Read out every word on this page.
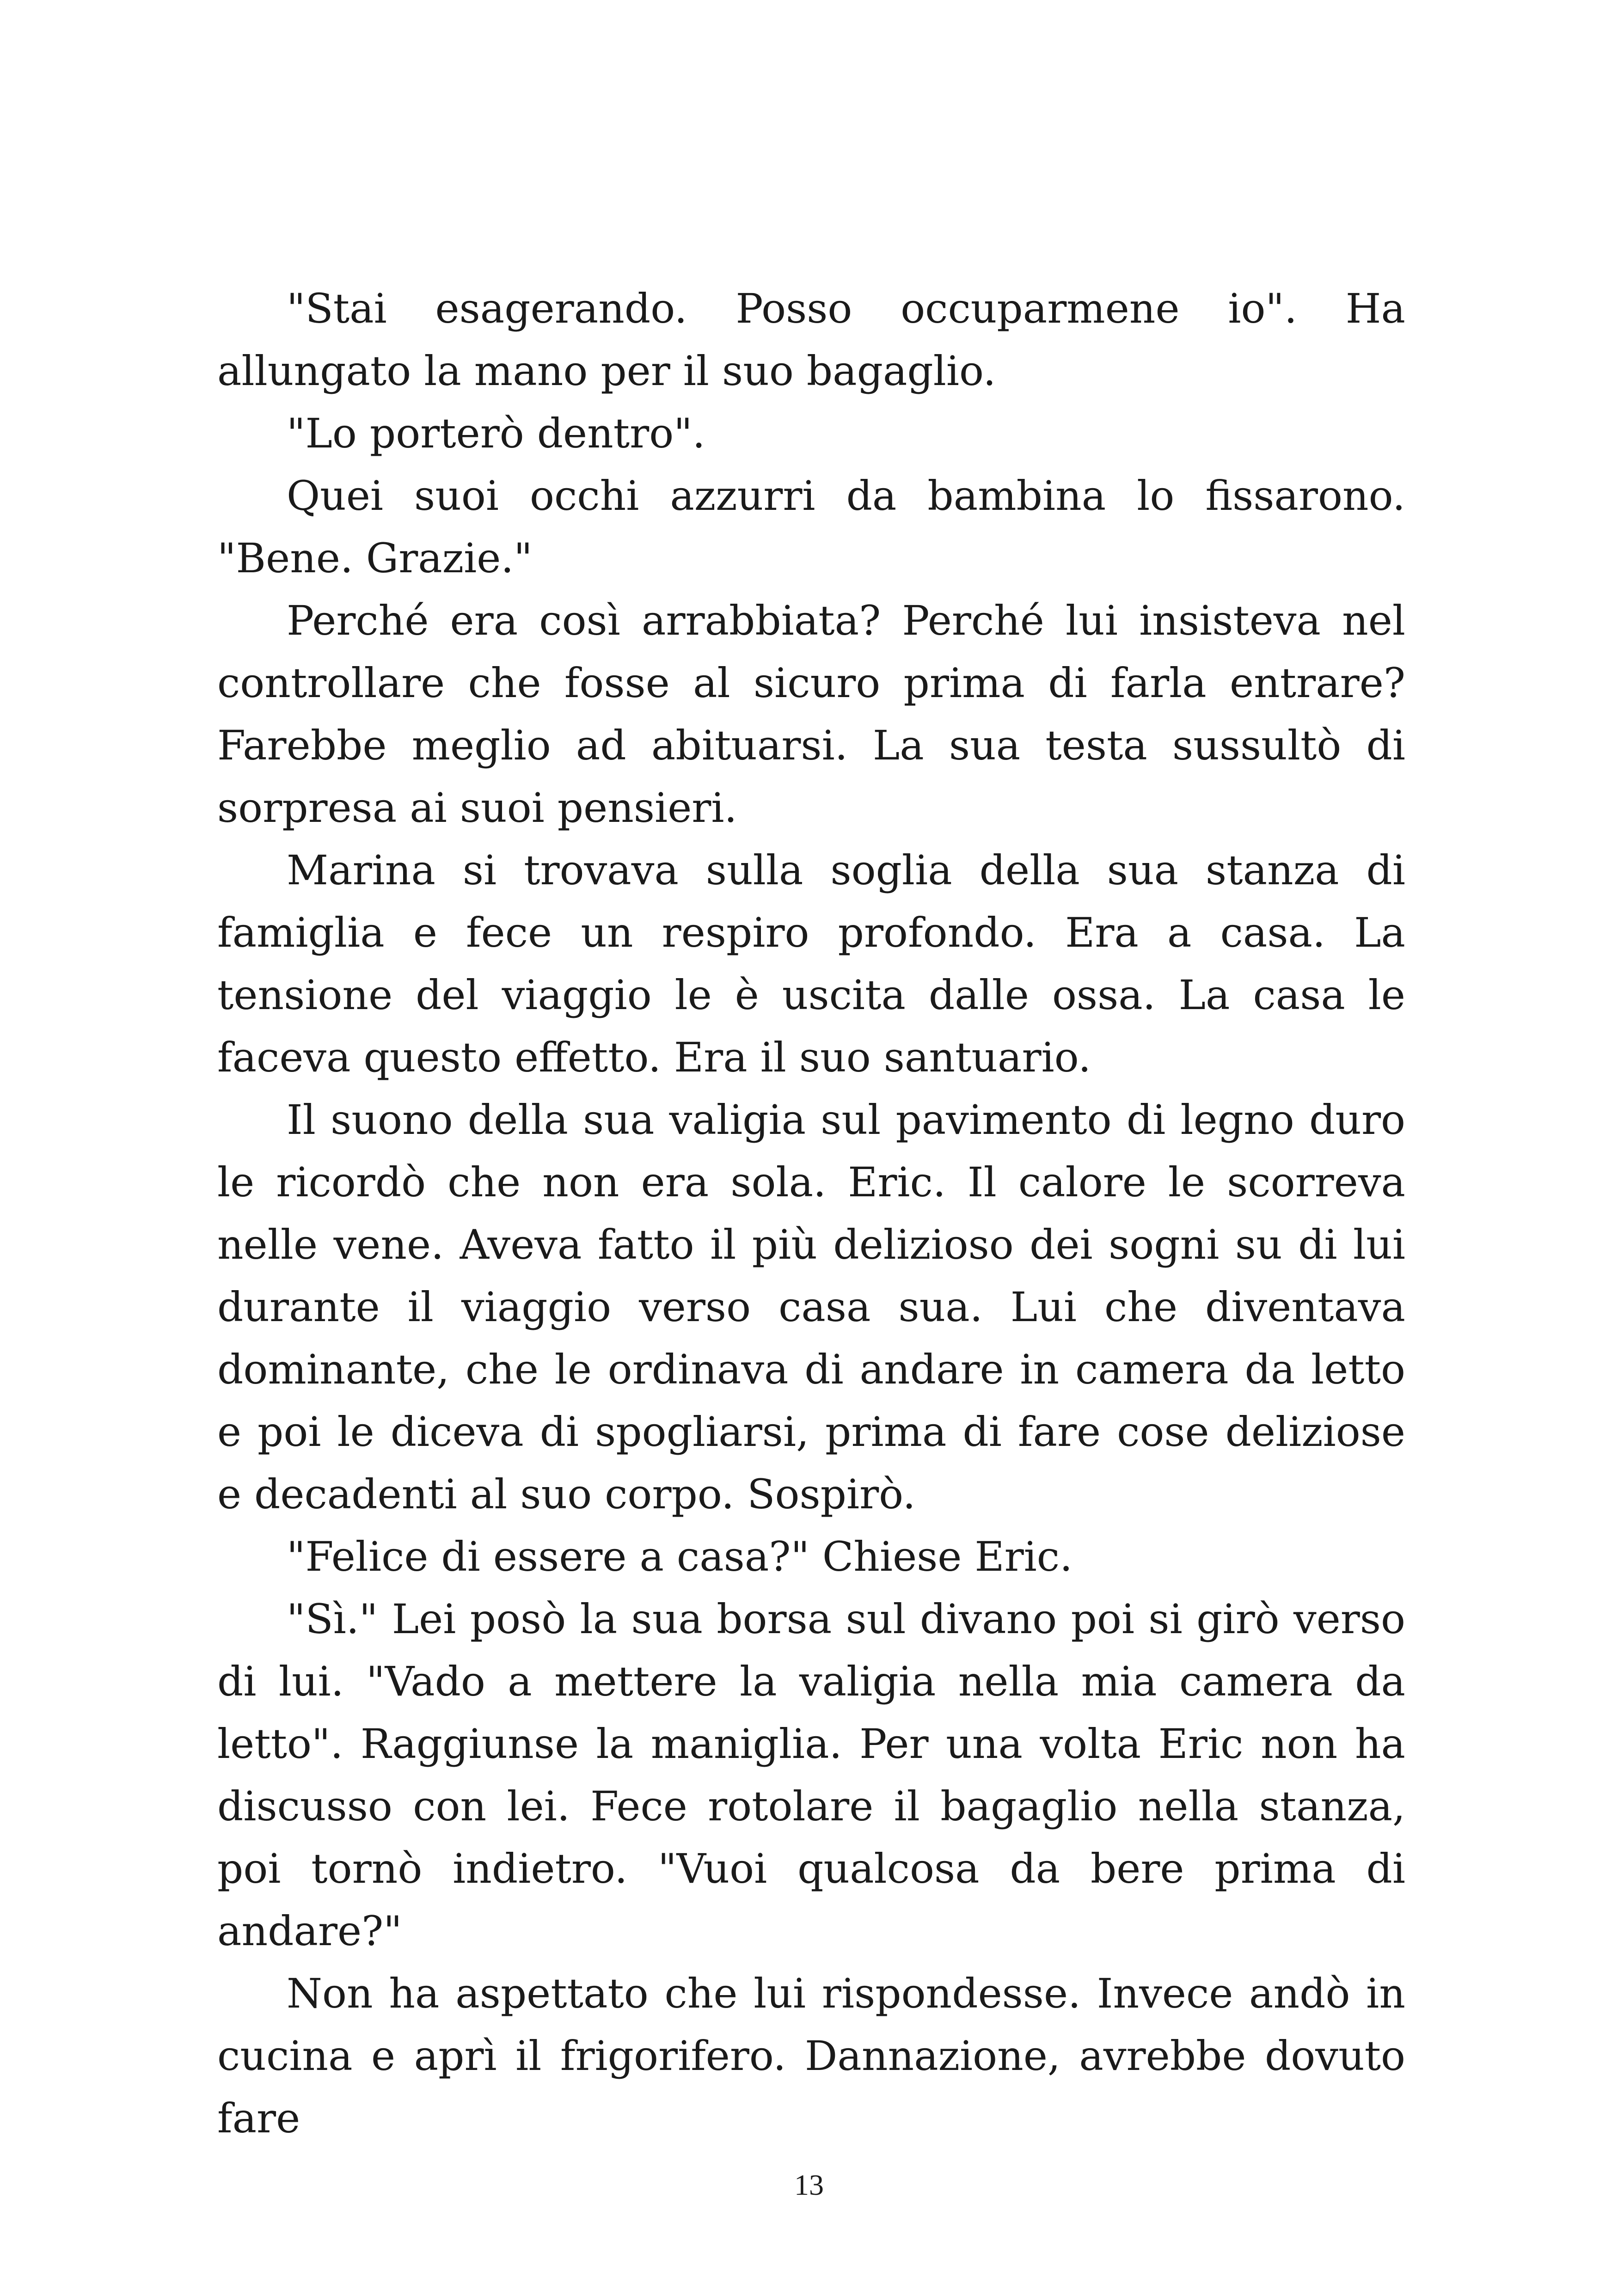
"Stai esagerando. Posso occuparmene io". Ha allungato la mano per il suo bagaglio.

"Lo porterò dentro".

Quei suoi occhi azzurri da bambina lo fissarono. "Bene. Grazie."

Perché era così arrabbiata? Perché lui insisteva nel controllare che fosse al sicuro prima di farla entrare? Farebbe meglio ad abituarsi. La sua testa sussultò di sorpresa ai suoi pensieri.

Marina si trovava sulla soglia della sua stanza di famiglia e fece un respiro profondo. Era a casa. La tensione del viaggio le è uscita dalle ossa. La casa le faceva questo effetto. Era il suo santuario.

Il suono della sua valigia sul pavimento di legno duro le ricordò che non era sola. Eric. Il calore le scorreva nelle vene. Aveva fatto il più delizioso dei sogni su di lui durante il viaggio verso casa sua. Lui che diventava dominante, che le ordinava di andare in camera da letto e poi le diceva di spogliarsi, prima di fare cose deliziose e decadenti al suo corpo. Sospirò.

"Felice di essere a casa?" Chiese Eric.

"Sì." Lei posò la sua borsa sul divano poi si girò verso di lui. "Vado a mettere la valigia nella mia camera da letto". Raggiunse la maniglia. Per una volta Eric non ha discusso con lei. Fece rotolare il bagaglio nella stanza, poi tornò indietro. "Vuoi qualcosa da bere prima di andare?"

Non ha aspettato che lui rispondesse. Invece andò in cucina e aprì il frigorifero. Dannazione, avrebbe dovuto fare

13
